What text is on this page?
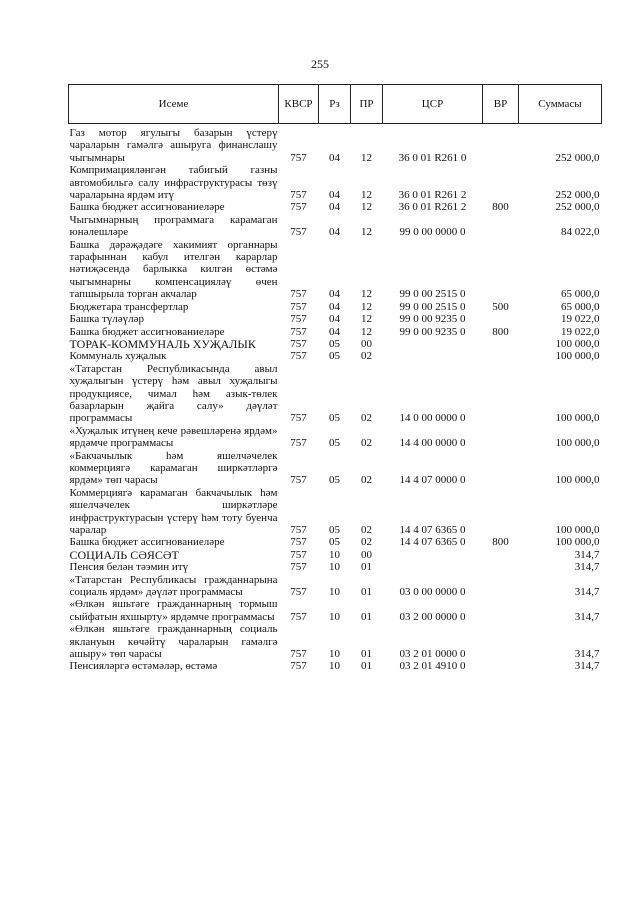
255
Исеме	КВСР	Рз	ПР	ЦСР	ВР	Суммасы
Газ мотор ягулыгы базарын үстерү чараларын гамәлгә ашыруга финанслашу чыгымнары	757	04	12	36 0 01 R261 0		252 000,0
Компримацияләнгән табигый газны автомобильгә салу инфраструктурасы төзү чараларына ярдәм итү	757	04	12	36 0 01 R261 2		252 000,0
Башка бюджет ассигнованиеләре	757	04	12	36 0 01 R261 2	800	252 000,0
Чыгымнарның программага карамаган юнәлешләре	757	04	12	99 0 00 0000 0		84 022,0
Башка дәрәҗәдәге хакимият органнары тарафыннан кабул ителгән карарлар нәтиҗәсендә барлыкка килгән өстәмә чыгымнарны компенсацияләү өчен тапшырыла торган акчалар	757	04	12	99 0 00 2515 0		65 000,0
Бюджетара трансфертлар	757	04	12	99 0 00 2515 0	500	65 000,0
Башка түләүләр	757	04	12	99 0 00 9235 0		19 022,0
Башка бюджет ассигнованиеләре	757	04	12	99 0 00 9235 0	800	19 022,0
ТОРАК-КОММУНАЛЬ ХУҖАЛЫК	757	05	00			100 000,0
Коммуналь хуҗалык	757	05	02			100 000,0
«Татарстан Республикасында авыл хуҗалыгын үстерү һәм авыл хуҗалыгы продукциясе, чимал һәм азык-төлек базарларын җайга салу» дәүләт программасы	757	05	02	14 0 00 0000 0		100 000,0
«Хуҗалык итүнең кече рәвешләренә ярдәм» ярдәмче программасы	757	05	02	14 4 00 0000 0		100 000,0
«Бакчачылык һәм яшелчәчелек коммерциягә карамаган ширкәтләргә ярдәм» төп чарасы	757	05	02	14 4 07 0000 0		100 000,0
Коммерциягә карамаган бакчачылык һәм яшелчәчелек ширкәтләре инфраструктурасын үстерү һәм тоту буенча чаралар	757	05	02	14 4 07 6365 0		100 000,0
Башка бюджет ассигнованиеләре	757	05	02	14 4 07 6365 0	800	100 000,0
СОЦИАЛЬ СӘЯСӘТ	757	10	00			314,7
Пенсия белән тәэмин итү	757	10	01			314,7
«Татарстан Республикасы гражданнарына социаль ярдәм» дәүләт программасы	757	10	01	03 0 00 0000 0		314,7
«Өлкән яшьтәге гражданнарның тормыш сыйфатын яхшырту» ярдәмче программасы	757	10	01	03 2 00 0000 0		314,7
«Өлкән яшьтәге гражданнарның социаль яклануын көчәйтү чараларын гамәлгә ашыру» төп чарасы	757	10	01	03 2 01 0000 0		314,7
Пенсияләргә өстәмәләр, өстәмә	757	10	01	03 2 01 4910 0		314,7
